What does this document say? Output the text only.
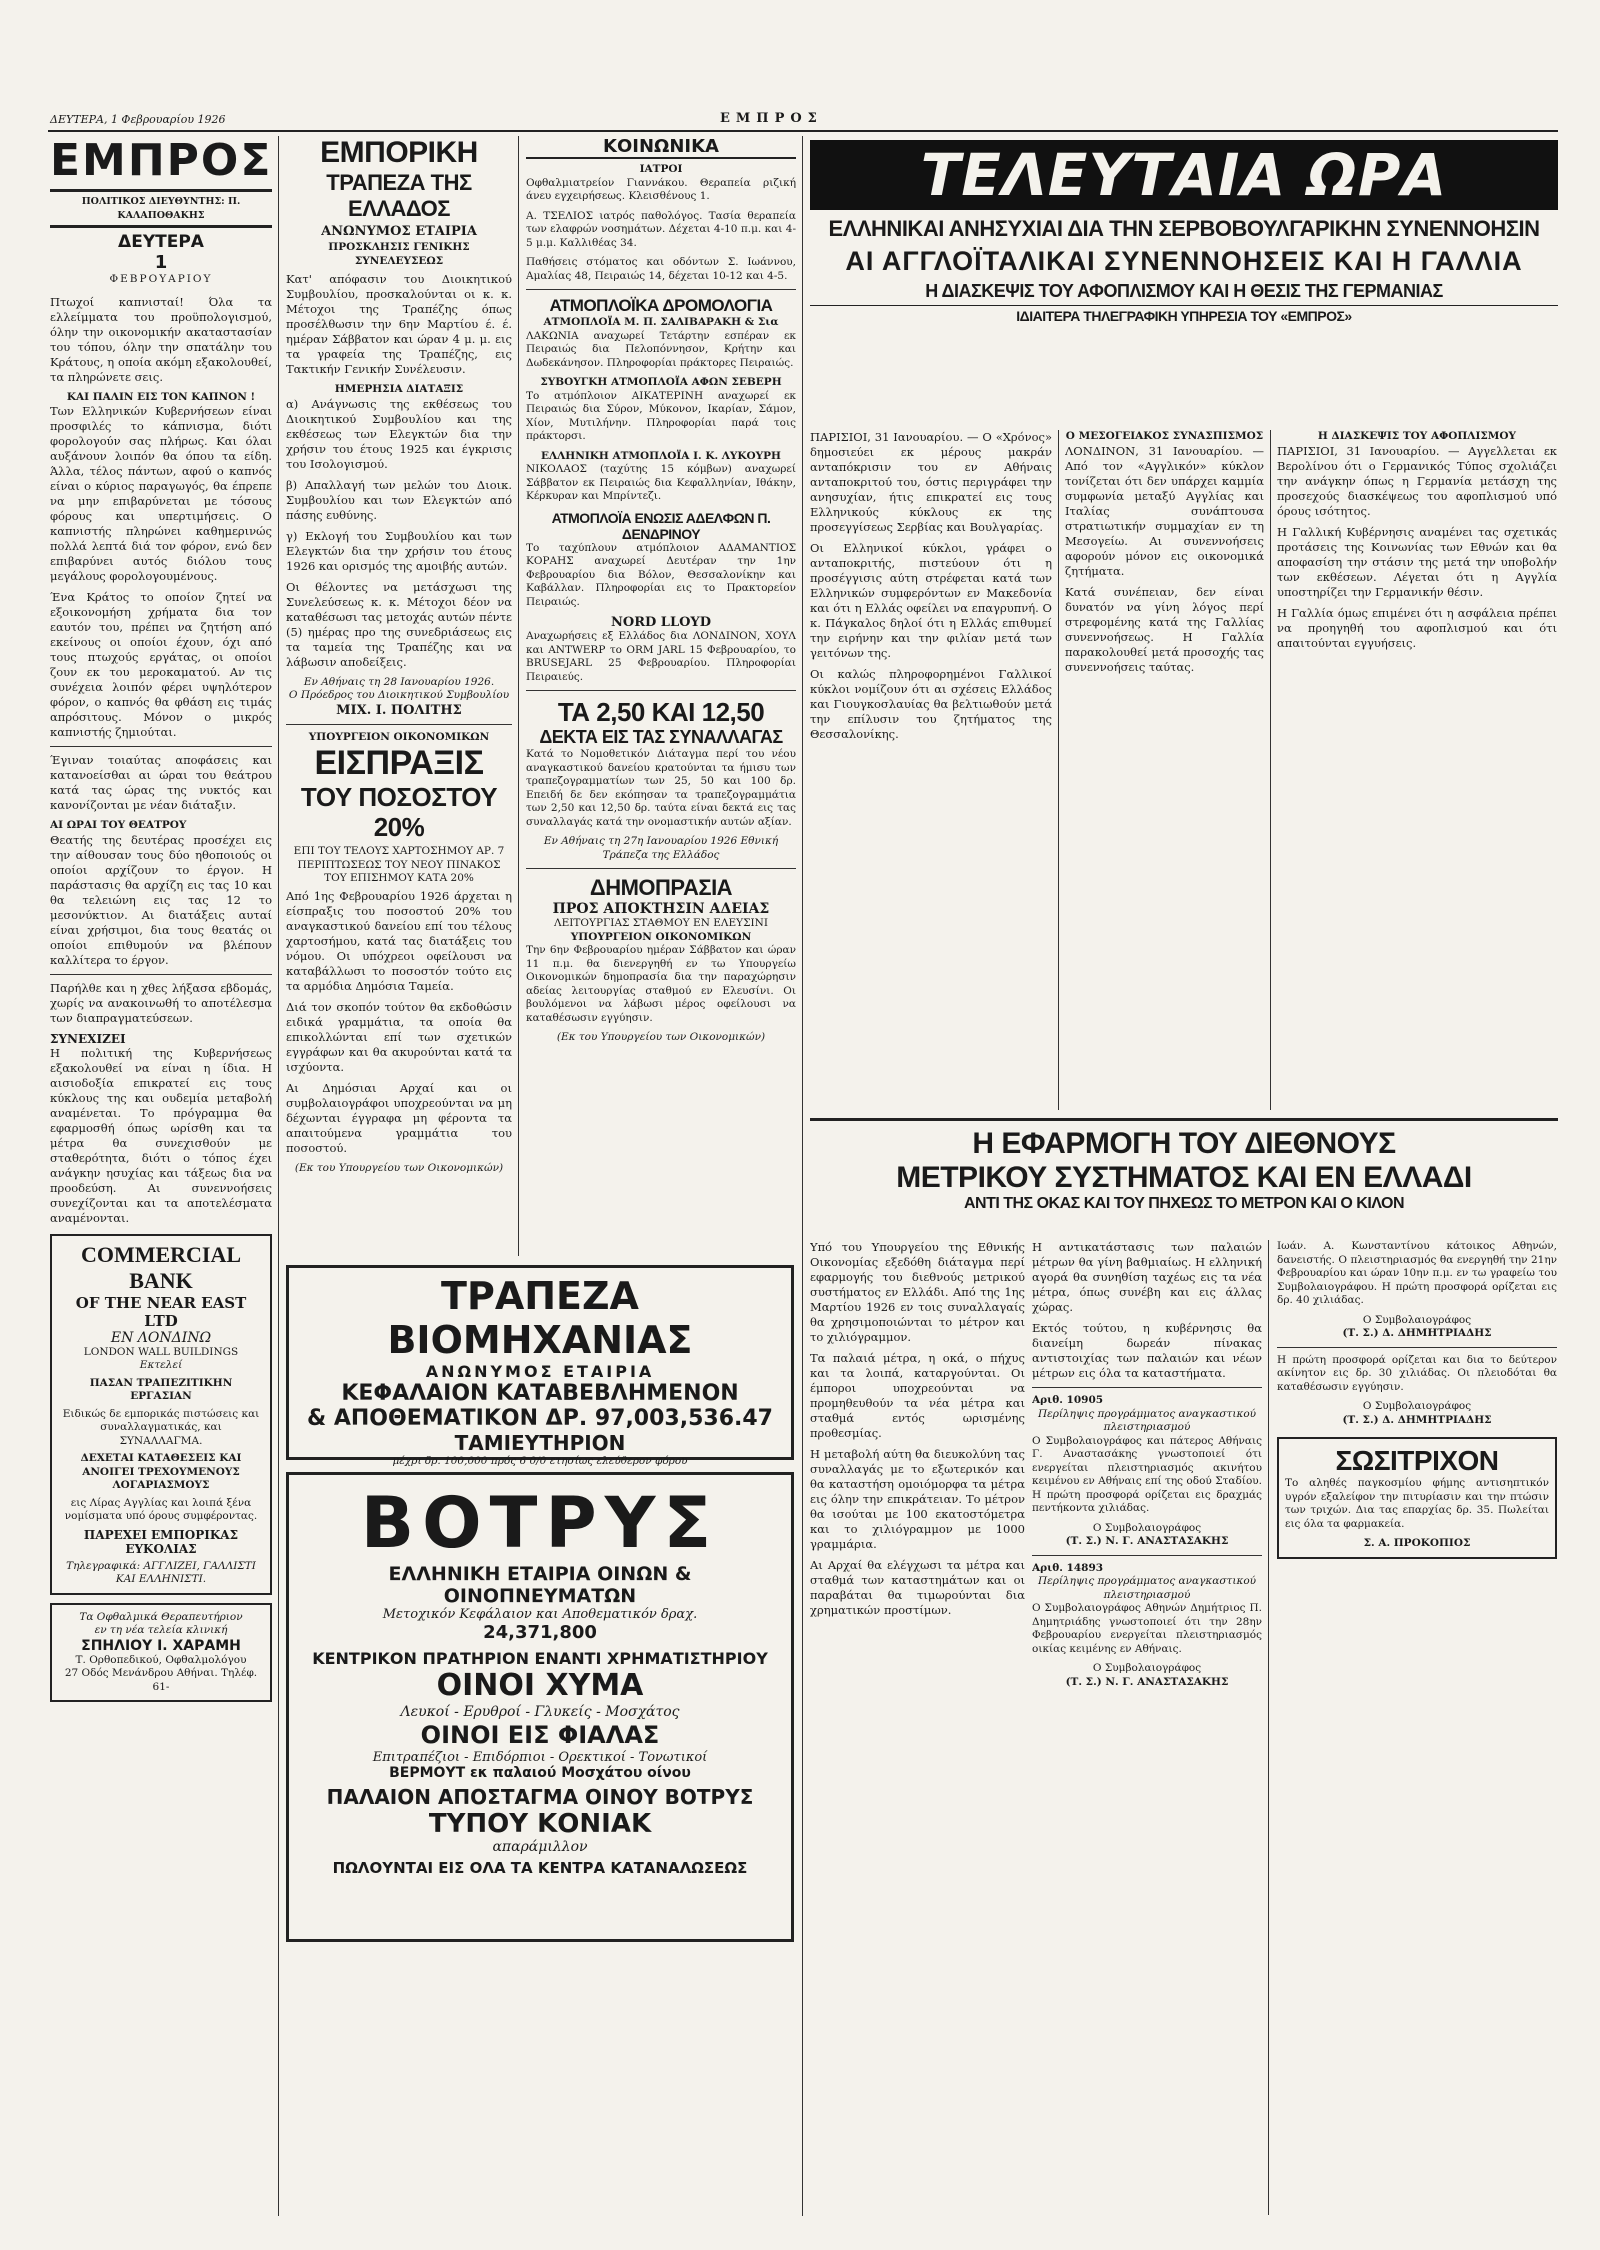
ΔΕΥΤΕΡΑ, 1 Φεβρουαρίου 1926	ΕΜΠΡΟΣ
ΕΜΠΡΟΣ
ΠΟΛΙΤΙΚΟΣ ΔΙΕΥΘΥΝΤΗΣ: Π. ΚΑΛΑΠΟΘΑΚΗΣ
ΔΕΥΤΕΡΑ
1
ΦΕΒΡΟΥΑΡΙΟΥ

Πτωχοί καπνισταί! Όλα τα ελλείμματα του προϋπολογισμού, όλην την οικονομικήν ακαταστασίαν του τόπου, όλην την σπατάλην του Κράτους, η οποία ακόμη εξακολουθεί, τα πληρώνετε σεις.

ΚΑΙ ΠΑΛΙΝ ΕΙΣ ΤΟΝ ΚΑΠΝΟΝ !

Των Ελληνικών Κυβερνήσεων είναι προσφιλές το κάπνισμα, διότι φορολογούν σας πλήρως. Και όλαι αυξάνουν λοιπόν θα όπου τα είδη. Άλλα, τέλος πάντων, αφού ο καπνός είναι ο κύριος παραγωγός, θα έπρεπε να μην επιβαρύνεται με τόσους φόρους και υπερτιμήσεις. Ο καπνιστής πληρώνει καθημερινώς πολλά λεπτά διά τον φόρον, ενώ δεν επιβαρύνει αυτός διόλου τους μεγάλους φορολογουμένους.

Ένα Κράτος το οποίον ζητεί να εξοικονομήση χρήματα δια τον εαυτόν του, πρέπει να ζητήση από εκείνους οι οποίοι έχουν, όχι από τους πτωχούς εργάτας, οι οποίοι ζουν εκ του μεροκαματού. Αν τις συνέχεια λοιπόν φέρει υψηλότερον φόρον, ο καπνός θα φθάση εις τιμάς απρόσιτους. Μόνον ο μικρός καπνιστής ζημιούται.

Έγιναν τοιαύτας αποφάσεις και κατανοείσθαι αι ώραι του θεάτρου κατά τας ώρας της νυκτός και κανονίζονται με νέαν διάταξιν.

ΑΙ ΩΡΑΙ ΤΟΥ ΘΕΑΤΡΟΥ

Θεατής της δευτέρας προσέχει εις την αίθουσαν τους δύο ηθοποιούς οι οποίοι αρχίζουν το έργον. Η παράστασις θα αρχίζη εις τας 10 και θα τελειώνη εις τας 12 το μεσονύκτιον. Αι διατάξεις αυταί είναι χρήσιμοι, δια τους θεατάς οι οποίοι επιθυμούν να βλέπουν καλλίτερα το έργον.

Παρήλθε και η χθες λήξασα εβδομάς, χωρίς να ανακοινωθή το αποτέλεσμα των διαπραγματεύσεων.

ΣΥΝΕΧΙΖΕΙ

Η πολιτική της Κυβερνήσεως εξακολουθεί να είναι η ίδια. Η αισιοδοξία επικρατεί εις τους κύκλους της και ουδεμία μεταβολή αναμένεται. Το πρόγραμμα θα εφαρμοσθή όπως ωρίσθη και τα μέτρα θα συνεχισθούν με σταθερότητα, διότι ο τόπος έχει ανάγκην ησυχίας και τάξεως δια να προοδεύση. Αι συνεννοήσεις συνεχίζονται και τα αποτελέσματα αναμένονται.

COMMERCIAL BANK
OF THE NEAR EAST LTD
ΕΝ ΛΟΝΔΙΝΩ
LONDON WALL BUILDINGS
Εκτελεί
ΠΑΣΑΝ ΤΡΑΠΕΖΙΤΙΚΗΝ ΕΡΓΑΣΙΑΝ
Ειδικώς δε εμπορικάς πιστώσεις και συναλλαγματικάς, και ΣΥΝΑΛΛΑΓΜΑ.
ΔΕΧΕΤΑΙ ΚΑΤΑΘΕΣΕΙΣ ΚΑΙ ΑΝΟΙΓΕΙ ΤΡΕΧΟΥΜΕΝΟΥΣ ΛΟΓΑΡΙΑΣΜΟΥΣ
εις Λίρας Αγγλίας και λοιπά ξένα νομίσματα υπό όρους συμφέροντας.
ΠΑΡΕΧΕΙ ΕΜΠΟΡΙΚΑΣ ΕΥΚΟΛΙΑΣ
Τηλεγραφικά: ΑΓΓΛΙΖΕΙ, ΓΑΛΛΙΣΤΙ ΚΑΙ ΕΛΛΗΝΙΣΤΙ.
Τα Οφθαλμικά Θεραπευτήριον
εν τη νέα τελεία κλινική
ΣΠΗΛΙΟΥ Ι. ΧΑΡΑΜΗ
Τ. Ορθοπεδικού, Οφθαλμολόγου
27 Οδός Μενάνδρου Αθήναι. Τηλέφ. 61-
ΕΜΠΟΡΙΚΗ
ΤΡΑΠΕΖΑ ΤΗΣ ΕΛΛΑΔΟΣ
ΑΝΩΝΥΜΟΣ ΕΤΑΙΡΙΑ
ΠΡΟΣΚΛΗΣΙΣ ΓΕΝΙΚΗΣ ΣΥΝΕΛΕΥΣΕΩΣ

Κατ' απόφασιν του Διοικητικού Συμβουλίου, προσκαλούνται οι κ. κ. Μέτοχοι της Τραπέζης όπως προσέλθωσιν την 6ην Μαρτίου έ. έ. ημέραν Σάββατον και ώραν 4 μ. μ. εις τα γραφεία της Τραπέζης, εις Τακτικήν Γενικήν Συνέλευσιν.

ΗΜΕΡΗΣΙΑ ΔΙΑΤΑΞΙΣ

α) Ανάγνωσις της εκθέσεως του Διοικητικού Συμβουλίου και της εκθέσεως των Ελεγκτών δια την χρήσιν του έτους 1925 και έγκρισις του Ισολογισμού.

β) Απαλλαγή των μελών του Διοικ. Συμβουλίου και των Ελεγκτών από πάσης ευθύνης.

γ) Εκλογή του Συμβουλίου και των Ελεγκτών δια την χρήσιν του έτους 1926 και ορισμός της αμοιβής αυτών.

Οι θέλοντες να μετάσχωσι της Συνελεύσεως κ. κ. Μέτοχοι δέον να καταθέσωσι τας μετοχάς αυτών πέντε (5) ημέρας προ της συνεδριάσεως εις τα ταμεία της Τραπέζης και να λάβωσιν αποδείξεις.

Εν Αθήναις τη 28 Ιανουαρίου 1926.
Ο Πρόεδρος του Διοικητικού Συμβουλίου
ΜΙΧ. Ι. ΠΟΛΙΤΗΣ
ΥΠΟΥΡΓΕΙΟΝ ΟΙΚΟΝΟΜΙΚΩΝ
ΕΙΣΠΡΑΞΙΣ
ΤΟΥ ΠΟΣΟΣΤΟΥ 20%
ΕΠΙ ΤΟΥ ΤΕΛΟΥΣ ΧΑΡΤΟΣΗΜΟΥ ΑΡ. 7 ΠΕΡΙΠΤΩΣΕΩΣ ΤΟΥ ΝΕΟΥ ΠΙΝΑΚΟΣ ΤΟΥ ΕΠΙΣΗΜΟΥ ΚΑΤΑ 20%

Από 1ης Φεβρουαρίου 1926 άρχεται η είσπραξις του ποσοστού 20% του αναγκαστικού δανείου επί του τέλους χαρτοσήμου, κατά τας διατάξεις του νόμου. Οι υπόχρεοι οφείλουσι να καταβάλλωσι το ποσοστόν τούτο εις τα αρμόδια Δημόσια Ταμεία.

Διά τον σκοπόν τούτον θα εκδοθώσιν ειδικά γραμμάτια, τα οποία θα επικολλώνται επί των σχετικών εγγράφων και θα ακυρούνται κατά τα ισχύοντα.

Αι Δημόσιαι Αρχαί και οι συμβολαιογράφοι υποχρεούνται να μη δέχωνται έγγραφα μη φέροντα τα απαιτούμενα γραμμάτια του ποσοστού.

(Εκ του Υπουργείου των Οικονομικών)
ΚΟΙΝΩΝΙΚΑ
ΙΑΤΡΟΙ

Οφθαλμιατρείον Γιαννάκου. Θεραπεία ριζική άνευ εγχειρήσεως. Κλεισθένους 1.

Α. ΤΣΕΛΙΟΣ ιατρός παθολόγος. Τασία θεραπεία των ελαφρών νοσημάτων. Δέχεται 4-10 π.μ. και 4-5 μ.μ. Καλλιθέας 34.

Παθήσεις στόματος και οδόντων Σ. Ιωάννου, Αμαλίας 48, Πειραιώς 14, δέχεται 10-12 και 4-5.

ΑΤΜΟΠΛΟΪΚΑ ΔΡΟΜΟΛΟΓΙΑ
ΑΤΜΟΠΛΟΪΑ Μ. Π. ΣΑΛΙΒΑΡΑΚΗ & Σια

ΛΑΚΩΝΙΑ αναχωρεί Τετάρτην εσπέραν εκ Πειραιώς δια Πελοπόννησον, Κρήτην και Δωδεκάνησον. Πληροφορίαι πράκτορες Πειραιώς.

ΣΥΒΟΥΓΚΗ ΑΤΜΟΠΛΟΪΑ ΑΦΩΝ ΣΕΒΕΡΗ

Το ατμόπλοιον ΑΙΚΑΤΕΡΙΝΗ αναχωρεί εκ Πειραιώς δια Σύρον, Μύκονον, Ικαρίαν, Σάμον, Χίον, Μυτιλήνην. Πληροφορίαι παρά τοις πράκτορσι.

ΕΛΛΗΝΙΚΗ ΑΤΜΟΠΛΟΪΑ Ι. Κ. ΛΥΚΟΥΡΗ

ΝΙΚΟΛΑΟΣ (ταχύτης 15 κόμβων) αναχωρεί Σάββατον εκ Πειραιώς δια Κεφαλληνίαν, Ιθάκην, Κέρκυραν και Μπρίντεζι.

ΑΤΜΟΠΛΟΪΑ ΕΝΩΣΙΣ ΑΔΕΛΦΩΝ Π. ΔΕΝΔΡΙΝΟΥ

Το ταχύπλουν ατμόπλοιον ΑΔΑΜΑΝΤΙΟΣ ΚΟΡΑΗΣ αναχωρεί Δευτέραν την 1ην Φεβρουαρίου δια Βόλον, Θεσσαλονίκην και Καβάλλαν. Πληροφορίαι εις το Πρακτορείον Πειραιώς.

NORD LLOYD

Αναχωρήσεις εξ Ελλάδος δια ΛΟΝΔΙΝΟΝ, ΧΟΥΛ και ANTWERP το ORM JARL 15 Φεβρουαρίου, το BRUSEJARL 25 Φεβρουαρίου. Πληροφορίαι Πειραιεύς.

ΤΑ 2,50 ΚΑΙ 12,50
ΔΕΚΤΑ ΕΙΣ ΤΑΣ ΣΥΝΑΛΛΑΓΑΣ

Κατά το Νομοθετικόν Διάταγμα περί του νέου αναγκαστικού δανείου κρατούνται τα ήμισυ των τραπεζογραμματίων των 25, 50 και 100 δρ. Επειδή δε δεν εκόπησαν τα τραπεζογραμμάτια των 2,50 και 12,50 δρ. ταύτα είναι δεκτά εις τας συναλλαγάς κατά την ονομαστικήν αυτών αξίαν.

Εν Αθήναις τη 27η Ιανουαρίου 1926 Εθνική Τράπεζα της Ελλάδος
ΔΗΜΟΠΡΑΣΙΑ
ΠΡΟΣ ΑΠΟΚΤΗΣΙΝ ΑΔΕΙΑΣ
ΛΕΙΤΟΥΡΓΙΑΣ ΣΤΑΘΜΟΥ ΕΝ ΕΛΕΥΣΙΝΙ
ΥΠΟΥΡΓΕΙΟΝ ΟΙΚΟΝΟΜΙΚΩΝ

Την 6ην Φεβρουαρίου ημέραν Σάββατον και ώραν 11 π.μ. θα διενεργηθή εν τω Υπουργείω Οικονομικών δημοπρασία δια την παραχώρησιν αδείας λειτουργίας σταθμού εν Ελευσίνι. Οι βουλόμενοι να λάβωσι μέρος οφείλουσι να καταθέσωσιν εγγύησιν.

(Εκ του Υπουργείου των Οικονομικών)
ΤΡΑΠΕΖΑ ΒΙΟΜΗΧΑΝΙΑΣ
ΑΝΩΝΥΜΟΣ ΕΤΑΙΡΙΑ
ΚΕΦΑΛΑΙΟΝ ΚΑΤΑΒΕΒΛΗΜΕΝΟΝ
& ΑΠΟΘΕΜΑΤΙΚΟΝ ΔΡ. 97,003,536.47
ΤΑΜΙΕΥΤΗΡΙΟΝ
μέχρι δρ. 100,000 πρός 6 0/0 ετησίως ελεύθερον φόρου
ΒΟΤΡΥΣ
ΕΛΛΗΝΙΚΗ ΕΤΑΙΡΙΑ ΟΙΝΩΝ & ΟΙΝΟΠΝΕΥΜΑΤΩΝ
Μετοχικόν Κεφάλαιον και Αποθεματικόν δραχ.
24,371,800
ΚΕΝΤΡΙΚΟΝ ΠΡΑΤΗΡΙΟΝ ΕΝΑΝΤΙ ΧΡΗΜΑΤΙΣΤΗΡΙΟΥ
ΟΙΝΟΙ ΧΥΜΑ
Λευκοί - Ερυθροί - Γλυκείς - Μοσχάτος
ΟΙΝΟΙ ΕΙΣ ΦΙΑΛΑΣ
Επιτραπέζιοι - Επιδόρπιοι - Ορεκτικοί - Τονωτικοί
ΒΕΡΜΟΥΤ εκ παλαιού Μοσχάτου οίνου
ΠΑΛΑΙΟΝ ΑΠΟΣΤΑΓΜΑ ΟΙΝΟΥ ΒΟΤΡΥΣ
ΤΥΠΟΥ ΚΟΝΙΑΚ
απαράμιλλον
ΠΩΛΟΥΝΤΑΙ ΕΙΣ ΟΛΑ ΤΑ ΚΕΝΤΡΑ ΚΑΤΑΝΑΛΩΣΕΩΣ
ΤΕΛΕΥΤΑΙΑ ΩΡΑ
ΕΛΛΗΝΙΚΑΙ ΑΝΗΣΥΧΙΑΙ ΔΙΑ ΤΗΝ ΣΕΡΒΟΒΟΥΛΓΑΡΙΚΗΝ ΣΥΝΕΝΝΟΗΣΙΝ
ΑΙ ΑΓΓΛΟΪΤΑΛΙΚΑΙ ΣΥΝΕΝΝΟΗΣΕΙΣ ΚΑΙ Η ΓΑΛΛΙΑ
Η ΔΙΑΣΚΕΨΙΣ ΤΟΥ ΑΦΟΠΛΙΣΜΟΥ ΚΑΙ Η ΘΕΣΙΣ ΤΗΣ ΓΕΡΜΑΝΙΑΣ
ΙΔΙΑΙΤΕΡΑ ΤΗΛΕΓΡΑΦΙΚΗ ΥΠΗΡΕΣΙΑ ΤΟΥ «ΕΜΠΡΟΣ»

ΠΑΡΙΣΙΟΙ, 31 Ιανουαρίου. — Ο «Χρόνος» δημοσιεύει εκ μέρους μακράν ανταπόκρισιν του εν Αθήναις ανταποκριτού του, όστις περιγράφει την ανησυχίαν, ήτις επικρατεί εις τους Ελληνικούς κύκλους εκ της προσεγγίσεως Σερβίας και Βουλγαρίας.

Οι Ελληνικοί κύκλοι, γράφει ο ανταποκριτής, πιστεύουν ότι η προσέγγισις αύτη στρέφεται κατά των Ελληνικών συμφερόντων εν Μακεδονία και ότι η Ελλάς οφείλει να επαγρυπνή. Ο κ. Πάγκαλος δηλοί ότι η Ελλάς επιθυμεί την ειρήνην και την φιλίαν μετά των γειτόνων της.

Οι καλώς πληροφορημένοι Γαλλικοί κύκλοι νομίζουν ότι αι σχέσεις Ελλάδος και Γιουγκοσλαυίας θα βελτιωθούν μετά την επίλυσιν του ζητήματος της Θεσσαλονίκης.

Ο ΜΕΣΟΓΕΙΑΚΟΣ ΣΥΝΑΣΠΙΣΜΟΣ

ΛΟΝΔΙΝΟΝ, 31 Ιανουαρίου. — Από τον «Αγγλικόν» κύκλον τονίζεται ότι δεν υπάρχει καμμία συμφωνία μεταξύ Αγγλίας και Ιταλίας συνάπτουσα στρατιωτικήν συμμαχίαν εν τη Μεσογείω. Αι συνεννοήσεις αφορούν μόνον εις οικονομικά ζητήματα.

Κατά συνέπειαν, δεν είναι δυνατόν να γίνη λόγος περί στρεφομένης κατά της Γαλλίας συνεννοήσεως. Η Γαλλία παρακολουθεί μετά προσοχής τας συνεννοήσεις ταύτας.

Η ΔΙΑΣΚΕΨΙΣ ΤΟΥ ΑΦΟΠΛΙΣΜΟΥ

ΠΑΡΙΣΙΟΙ, 31 Ιανουαρίου. — Αγγελλεται εκ Βερολίνου ότι ο Γερμανικός Τύπος σχολιάζει την ανάγκην όπως η Γερμανία μετάσχη της προσεχούς διασκέψεως του αφοπλισμού υπό όρους ισότητος.

Η Γαλλική Κυβέρνησις αναμένει τας σχετικάς προτάσεις της Κοινωνίας των Εθνών και θα αποφασίση την στάσιν της μετά την υποβολήν των εκθέσεων. Λέγεται ότι η Αγγλία υποστηρίζει την Γερμανικήν θέσιν.

Η Γαλλία όμως επιμένει ότι η ασφάλεια πρέπει να προηγηθή του αφοπλισμού και ότι απαιτούνται εγγυήσεις.

Η ΕΦΑΡΜΟΓΗ ΤΟΥ ΔΙΕΘΝΟΥΣ
ΜΕΤΡΙΚΟΥ ΣΥΣΤΗΜΑΤΟΣ ΚΑΙ ΕΝ ΕΛΛΑΔΙ
ΑΝΤΙ ΤΗΣ ΟΚΑΣ ΚΑΙ ΤΟΥ ΠΗΧΕΩΣ ΤΟ ΜΕΤΡΟΝ ΚΑΙ Ο ΚΙΛΟΝ

Υπό του Υπουργείου της Εθνικής Οικονομίας εξεδόθη διάταγμα περί εφαρμογής του διεθνούς μετρικού συστήματος εν Ελλάδι. Από της 1ης Μαρτίου 1926 εν τοις συναλλαγαίς θα χρησιμοποιώνται το μέτρον και το χιλιόγραμμον.

Τα παλαιά μέτρα, η οκά, ο πήχυς και τα λοιπά, καταργούνται. Οι έμποροι υποχρεούνται να προμηθευθούν τα νέα μέτρα και σταθμά εντός ωρισμένης προθεσμίας.

Η μεταβολή αύτη θα διευκολύνη τας συναλλαγάς με το εξωτερικόν και θα καταστήση ομοιόμορφα τα μέτρα εις όλην την επικράτειαν. Το μέτρον θα ισούται με 100 εκατοστόμετρα και το χιλιόγραμμον με 1000 γραμμάρια.

Αι Αρχαί θα ελέγχωσι τα μέτρα και σταθμά των καταστημάτων και οι παραβάται θα τιμωρούνται δια χρηματικών προστίμων.

Η αντικατάστασις των παλαιών μέτρων θα γίνη βαθμιαίως. Η ελληνική αγορά θα συνηθίση ταχέως εις τα νέα μέτρα, όπως συνέβη και εις άλλας χώρας.

Εκτός τούτου, η κυβέρνησις θα διανείμη δωρεάν πίνακας αντιστοιχίας των παλαιών και νέων μέτρων εις όλα τα καταστήματα.

Αριθ. 10905
Περίληψις προγράμματος αναγκαστικού πλειστηριασμού

Ο Συμβολαιογράφος και πάτερος Αθήναις Γ. Αναστασάκης γνωστοποιεί ότι ενεργείται πλειστηριασμός ακινήτου κειμένου εν Αθήναις επί της οδού Σταδίου. Η πρώτη προσφορά ορίζεται εις δραχμάς πεντήκοντα χιλιάδας.

Ο Συμβολαιογράφος
(Τ. Σ.) Ν. Γ. ΑΝΑΣΤΑΣΑΚΗΣ
Αριθ. 14893
Περίληψις προγράμματος αναγκαστικού πλειστηριασμού

Ο Συμβολαιογράφος Αθηνών Δημήτριος Π. Δημητριάδης γνωστοποιεί ότι την 28ην Φεβρουαρίου ενεργείται πλειστηριασμός οικίας κειμένης εν Αθήναις.

Ο Συμβολαιογράφος
(Τ. Σ.) Ν. Γ. ΑΝΑΣΤΑΣΑΚΗΣ

Ιωάν. Α. Κωνσταντίνου κάτοικος Αθηνών, δανειστής. Ο πλειστηριασμός θα ενεργηθή την 21ην Φεβρουαρίου και ώραν 10ην π.μ. εν τω γραφείω του Συμβολαιογράφου. Η πρώτη προσφορά ορίζεται εις δρ. 40 χιλιάδας.

Ο Συμβολαιογράφος
(Τ. Σ.) Δ. ΔΗΜΗΤΡΙΑΔΗΣ

Η πρώτη προσφορά ορίζεται και δια το δεύτερον ακίνητον εις δρ. 30 χιλιάδας. Οι πλειοδόται θα καταθέσωσιν εγγύησιν.

Ο Συμβολαιογράφος
(Τ. Σ.) Δ. ΔΗΜΗΤΡΙΑΔΗΣ
ΣΩΣΙΤΡΙΧΟΝ

Το αληθές παγκοσμίου φήμης αντισηπτικόν υγρόν εξαλείφον την πιτυρίασιν και την πτώσιν των τριχών. Δια τας επαρχίας δρ. 35. Πωλείται εις όλα τα φαρμακεία.

Σ. Α. ΠΡΟΚΟΠΙΟΣ
